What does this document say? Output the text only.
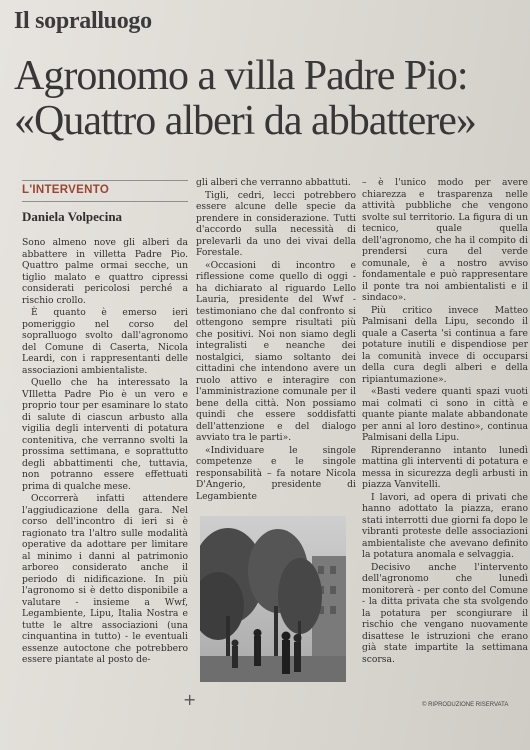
Il sopralluogo
Agronomo a villa Padre Pio:
«Quattro alberi da abbattere»
L'INTERVENTO
Daniela Volpecina

Sono almeno nove gli alberi da abbattere in villetta Padre Pio. Quattro palme ormai secche, un tiglio malato e quattro cipressi considerati pericolosi perché a rischio crollo.

È quanto è emerso ieri pomeriggio nel corso del sopralluogo svolto dall'agronomo del Comune di Caserta, Nicola Leardi, con i rappresentanti delle associazioni ambientaliste.

Quello che ha interessato la VIlletta Padre Pio è un vero e proprio tour per esaminare lo stato di salute di ciascun arbusto alla vigilia degli interventi di potatura contenitiva, che verranno svolti la prossima settimana, e soprattutto degli abbattimenti che, tuttavia, non potranno essere effettuati prima di qualche mese.

Occorrerà infatti attendere l'aggiudicazione della gara. Nel corso dell'incontro di ieri si è ragionato tra l'altro sulle modalità operative da adottare per limitare al minimo i danni al patrimonio arboreo considerato anche il periodo di nidificazione. In più l'agronomo si è detto disponibile a valutare - insieme a Wwf, Legambiente, Lipu, Italia Nostra e tutte le altre associazioni (una cinquantina in tutto) - le eventuali essenze autoctone che potrebbero essere piantate al posto de-

gli alberi che verranno abbattuti.

Tigli, cedri, lecci potrebbero essere alcune delle specie da prendere in considerazione. Tutti d'accordo sulla necessità di prelevarli da uno dei vivai della Forestale.

«Occasioni di incontro e riflessione come quello di oggi - ha dichiarato al riguardo Lello Lauria, presidente del Wwf - testimoniano che dal confronto si ottengono sempre risultati più che positivi. Noi non siamo degli integralisti e neanche dei nostalgici, siamo soltanto dei cittadini che intendono avere un ruolo attivo e interagire con l'amministrazione comunale per il bene della città. Non possiamo quindi che essere soddisfatti dell'attenzione e del dialogo avviato tra le parti».

«Individuare le singole competenze e le singole responsabilità – fa notare Nicola D'Angerio, presidente di Legambiente

– è l'unico modo per avere chiarezza e trasparenza nelle attività pubbliche che vengono svolte sul territorio. La figura di un tecnico, quale quella dell'agronomo, che ha il compito di prendersi cura del verde comunale, è a nostro avviso fondamentale e può rappresentare il ponte tra noi ambientalisti e il sindaco».

Più critico invece Matteo Palmisani della Lipu, secondo il quale a Caserta 'si continua a fare potature inutili e dispendiose per la comunità invece di occuparsi della cura degli alberi e della ripiantumazione».

«Basti vedere quanti spazi vuoti mai colmati ci sono in città e quante piante malate abbandonate per anni al loro destino», continua Palmisani della Lipu.

Riprenderanno intanto lunedì mattina gli interventi di potatura e messa in sicurezza degli arbusti in piazza Vanvitelli.

I lavori, ad opera di privati che hanno adottato la piazza, erano stati interrotti due giorni fa dopo le vibranti proteste delle associazioni ambientaliste che avevano definito la potatura anomala e selvaggia.

Decisivo anche l'intervento dell'agronomo che lunedì monitorerà - per conto del Comune - la ditta privata che sta svolgendo la potatura per scongiurare il rischio che vengano nuovamente disattese le istruzioni che erano già state impartite la settimana scorsa.

© RIPRODUZIONE RISERVATA
+
